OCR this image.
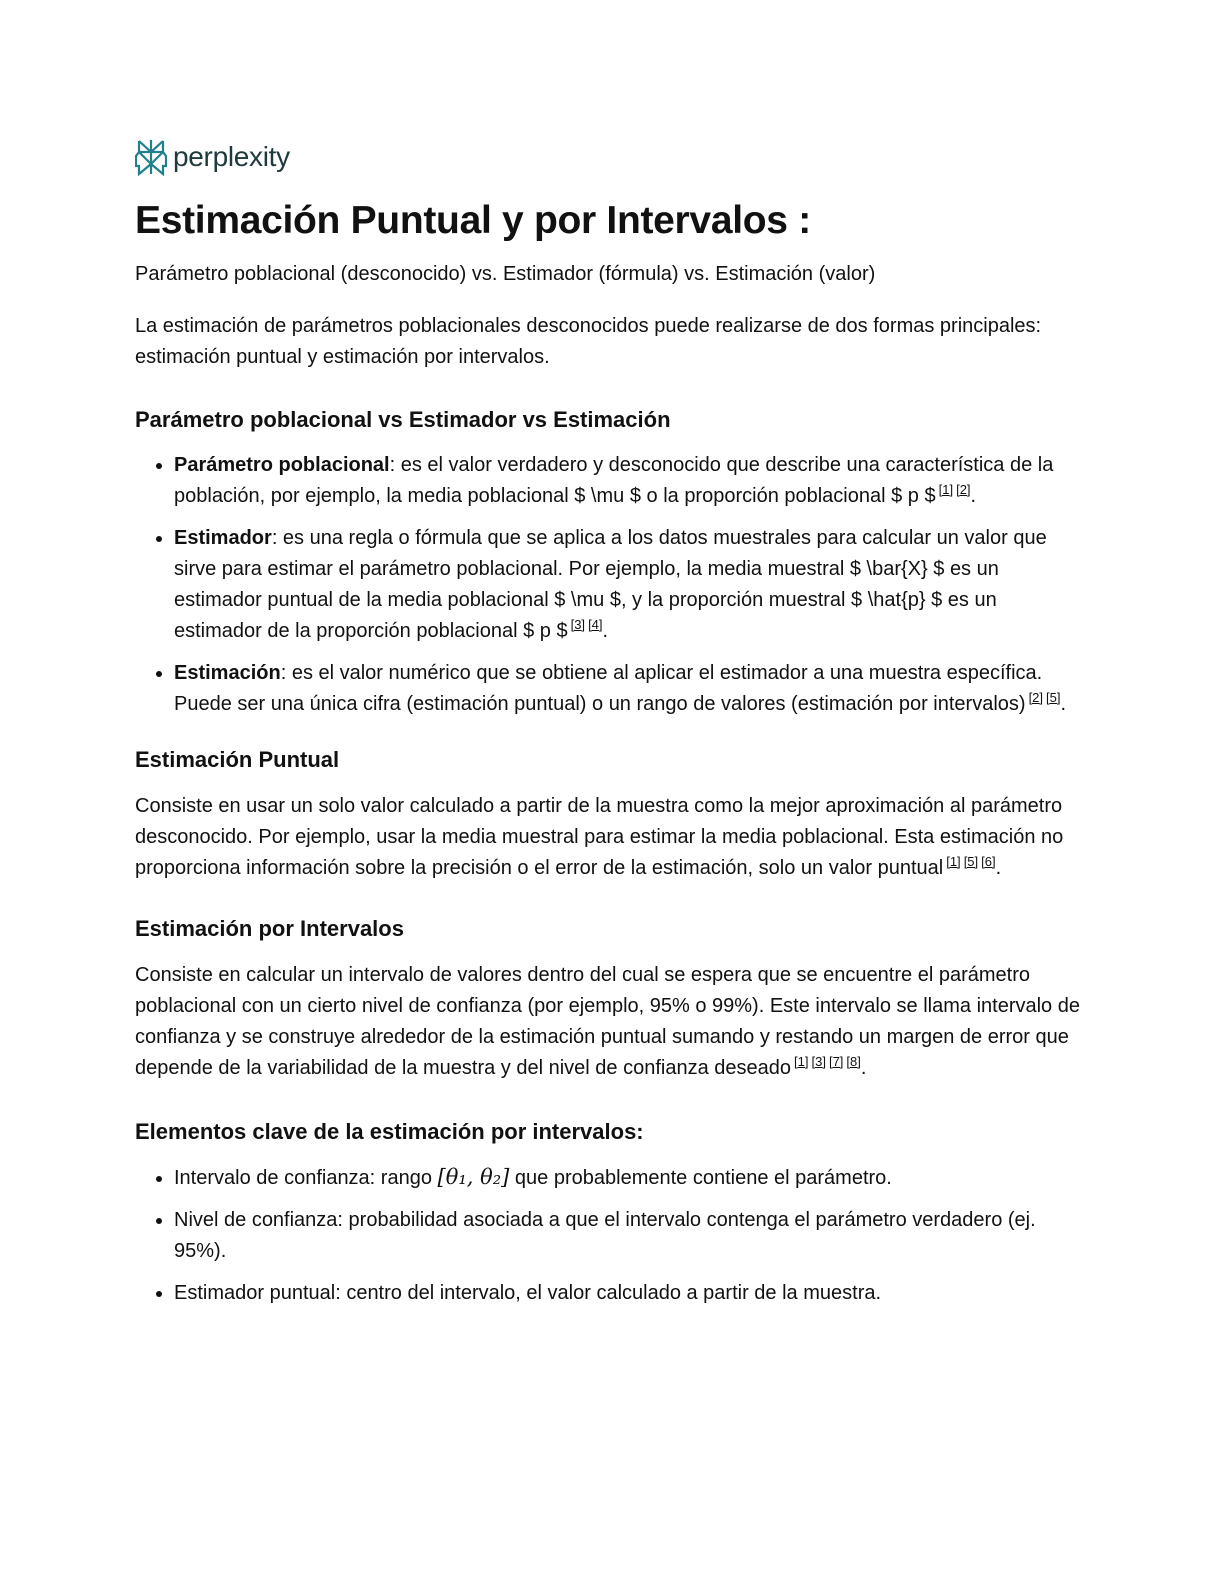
perplexity
Estimación Puntual y por Intervalos :

Parámetro poblacional (desconocido) vs. Estimador (fórmula) vs. Estimación (valor)

La estimación de parámetros poblacionales desconocidos puede realizarse de dos formas principales: estimación puntual y estimación por intervalos.

Parámetro poblacional vs Estimador vs Estimación
• Parámetro poblacional: es el valor verdadero y desconocido que describe una característica de la población, por ejemplo, la media poblacional $ \mu $ o la proporción poblacional $ p $ [1] [2].
• Estimador: es una regla o fórmula que se aplica a los datos muestrales para calcular un valor que sirve para estimar el parámetro poblacional. Por ejemplo, la media muestral $ \bar{X} $ es un estimador puntual de la media poblacional $ \mu $, y la proporción muestral $ \hat{p} $ es un estimador de la proporción poblacional $ p $ [3] [4].
• Estimación: es el valor numérico que se obtiene al aplicar el estimador a una muestra específica. Puede ser una única cifra (estimación puntual) o un rango de valores (estimación por intervalos) [2] [5].
Estimación Puntual

Consiste en usar un solo valor calculado a partir de la muestra como la mejor aproximación al parámetro desconocido. Por ejemplo, usar la media muestral para estimar la media poblacional. Esta estimación no proporciona información sobre la precisión o el error de la estimación, solo un valor puntual [1] [5] [6].

Estimación por Intervalos

Consiste en calcular un intervalo de valores dentro del cual se espera que se encuentre el parámetro poblacional con un cierto nivel de confianza (por ejemplo, 95% o 99%). Este intervalo se llama intervalo de confianza y se construye alrededor de la estimación puntual sumando y restando un margen de error que depende de la variabilidad de la muestra y del nivel de confianza deseado [1] [3] [7] [8].

Elementos clave de la estimación por intervalos:
• Intervalo de confianza: rango [θ₁, θ₂] que probablemente contiene el parámetro.
• Nivel de confianza: probabilidad asociada a que el intervalo contenga el parámetro verdadero (ej. 95%).
• Estimador puntual: centro del intervalo, el valor calculado a partir de la muestra.
